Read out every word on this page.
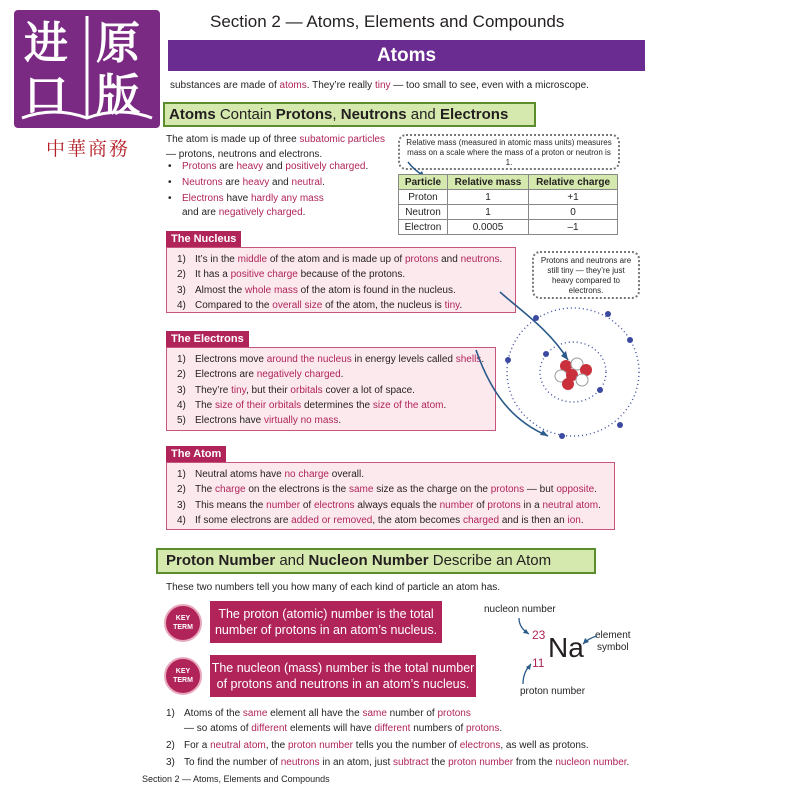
进 原
口 版
中華商務
Section 2 — Atoms, Elements and Compounds
Atoms
substances are made of atoms. They’re really tiny — too small to see, even with a microscope.
Atoms Contain Protons, Neutrons and Electrons
The atom is made up of three subatomic particles
— protons, neutrons and electrons.
• Protons are heavy and positively charged.
• Neutrons are heavy and neutral.
• Electrons have hardly any mass
and are negatively charged.
Relative mass (measured in atomic mass units) measures mass on a scale where the mass of a proton or neutron is 1.
Particle	Relative mass	Relative charge
Proton	1	+1
Neutron	1	0
Electron	0.0005	–1
The Nucleus
1) It’s in the middle of the atom and is made up of protons and neutrons.
2) It has a positive charge because of the protons.
3) Almost the whole mass of the atom is found in the nucleus.
4) Compared to the overall size of the atom, the nucleus is tiny.
Protons and neutrons are still tiny — they’re just heavy compared to electrons.
The Electrons
1) Electrons move around the nucleus in energy levels called shells.
2) Electrons are negatively charged.
3) They’re tiny, but their orbitals cover a lot of space.
4) The size of their orbitals determines the size of the atom.
5) Electrons have virtually no mass.
The Atom
1) Neutral atoms have no charge overall.
2) The charge on the electrons is the same size as the charge on the protons — but opposite.
3) This means the number of electrons always equals the number of protons in a neutral atom.
4) If some electrons are added or removed, the atom becomes charged and is then an ion.
Proton Number and Nucleon Number Describe an Atom
These two numbers tell you how many of each kind of particle an atom has.
KEY
TERM
The proton (atomic) number is the total
number of protons in an atom’s nucleus.
KEY
TERM
The nucleon (mass) number is the total number
of protons and neutrons in an atom’s nucleus.
nucleon number
23 Na
11
element
symbol
proton number
1) Atoms of the same element all have the same number of protons
— so atoms of different elements will have different numbers of protons.
2) For a neutral atom, the proton number tells you the number of electrons, as well as protons.
3) To find the number of neutrons in an atom, just subtract the proton number from the nucleon number.
Section 2 — Atoms, Elements and Compounds
